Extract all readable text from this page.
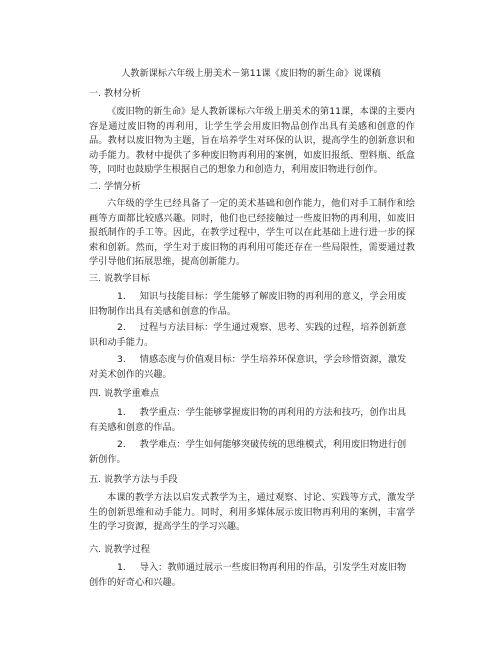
人教新课标六年级上册美术－第11课《废旧物的新生命》说课稿
一. 教材分析

《废旧物的新生命》是人教新课标六年级上册美术的第11课，本课的主要内容是通过废旧物的再利用，让学生学会用废旧物品创作出具有美感和创意的作品。教材以废旧物为主题，旨在培养学生对环保的认识，提高学生的创新意识和动手能力。教材中提供了多种废旧物再利用的案例，如废旧报纸、塑料瓶、纸盒等，同时也鼓励学生根据自己的想象力和创造力，利用废旧物进行创作。

二. 学情分析

六年级的学生已经具备了一定的美术基础和创作能力，他们对手工制作和绘画等方面都比较感兴趣。同时，他们也已经接触过一些废旧物的再利用，如废旧报纸制作的手工等。因此，在教学过程中，学生可以在此基础上进行进一步的探索和创新。然而，学生对于废旧物的再利用可能还存在一些局限性，需要通过教学引导他们拓展思维，提高创新能力。

三. 说教学目标

1. 知识与技能目标：学生能够了解废旧物的再利用的意义，学会用废旧物制作出具有美感和创意的作品。

2. 过程与方法目标：学生通过观察、思考、实践的过程，培养创新意识和动手能力。

3. 情感态度与价值观目标：学生培养环保意识，学会珍惜资源，激发对美术创作的兴趣。

四. 说教学重难点

1. 教学重点：学生能够掌握废旧物的再利用的方法和技巧，创作出具有美感和创意的作品。

2. 教学难点：学生如何能够突破传统的思维模式，利用废旧物进行创新创作。

五. 说教学方法与手段

本课的教学方法以启发式教学为主，通过观察、讨论、实践等方式，激发学生的创新思维和动手能力。同时，利用多媒体展示废旧物再利用的案例，丰富学生的学习资源，提高学生的学习兴趣。

六. 说教学过程

1. 导入：教师通过展示一些废旧物再利用的作品，引发学生对废旧物创作的好奇心和兴趣。
